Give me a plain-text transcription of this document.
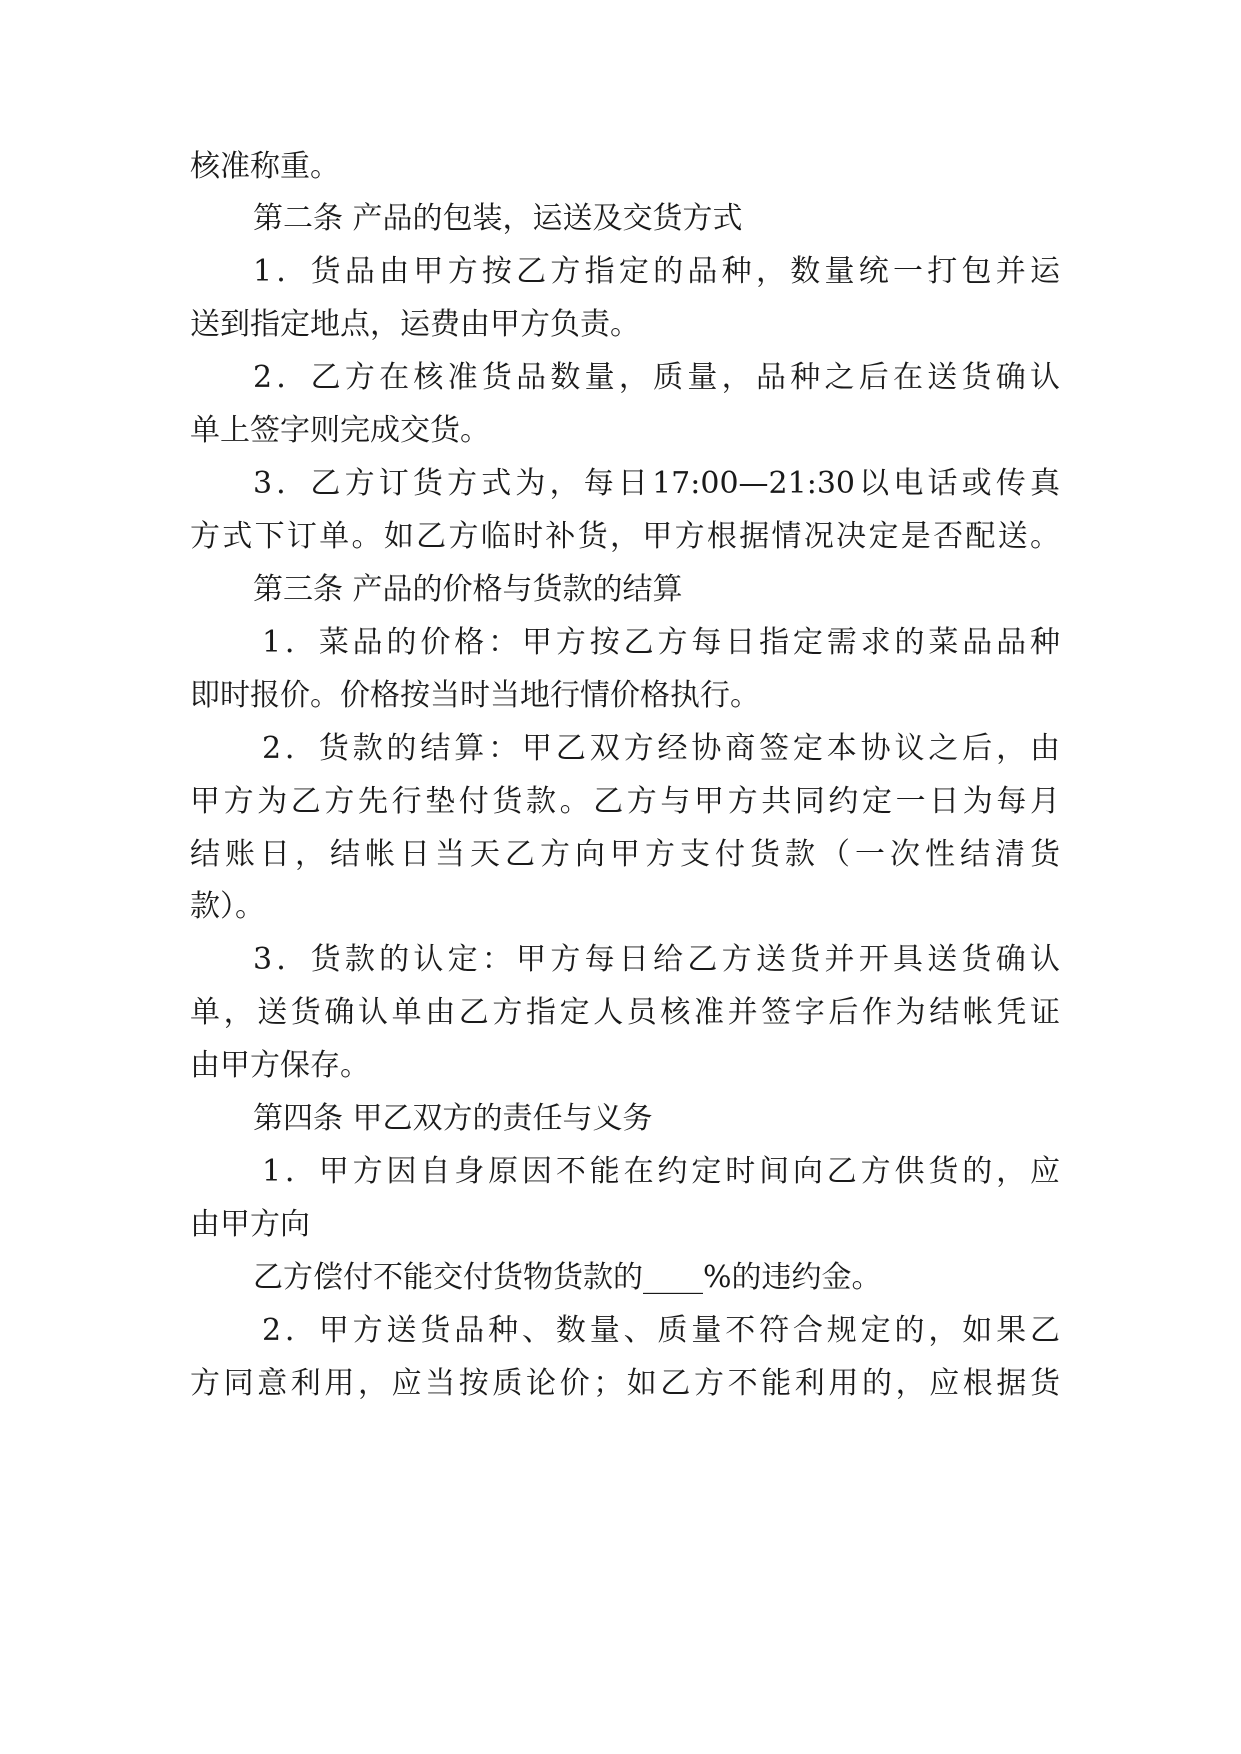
核准称重。
第二条 产品的包装，运送及交货方式
1．货品由甲方按乙方指定的品种，数量统一打包并运
送到指定地点，运费由甲方负责。
2．乙方在核准货品数量，质量，品种之后在送货确认
单上签字则完成交货。
3．乙方订货方式为，每日17:00—21:30以电话或传真
方式下订单。如乙方临时补货，甲方根据情况决定是否配送。
第三条 产品的价格与货款的结算
1．菜品的价格：甲方按乙方每日指定需求的菜品品种
即时报价。价格按当时当地行情价格执行。
2．货款的结算：甲乙双方经协商签定本协议之后，由
甲方为乙方先行垫付货款。乙方与甲方共同约定一日为每月
结账日，结帐日当天乙方向甲方支付货款（一次性结清货
款）。
3．货款的认定：甲方每日给乙方送货并开具送货确认
单，送货确认单由乙方指定人员核准并签字后作为结帐凭证
由甲方保存。
第四条 甲乙双方的责任与义务
1．甲方因自身原因不能在约定时间向乙方供货的，应
由甲方向
乙方偿付不能交付货物货款的____%的违约金。
2．甲方送货品种、数量、质量不符合规定的，如果乙
方同意利用，应当按质论价；如乙方不能利用的，应根据货
